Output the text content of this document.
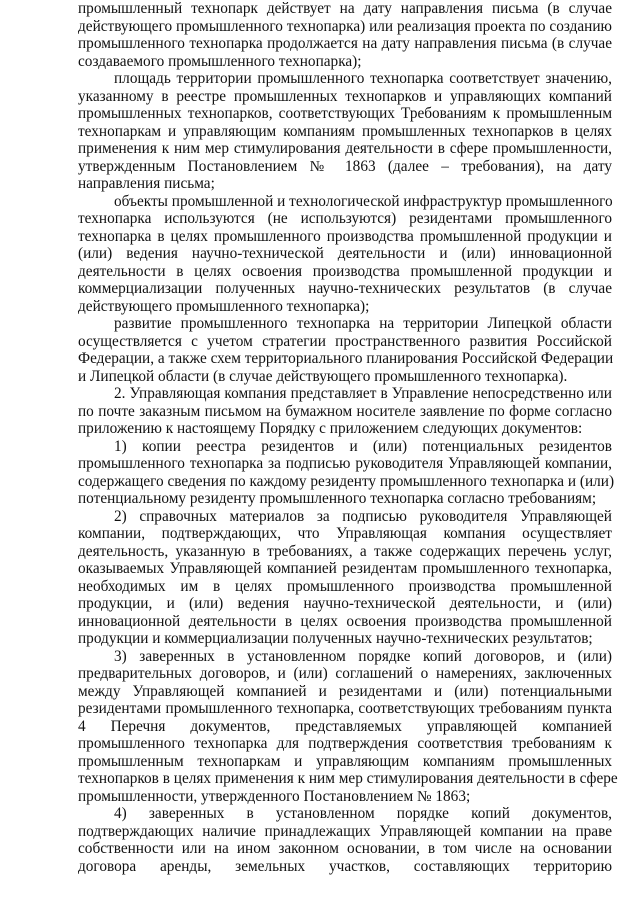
промышленный технопарк действует на дату направления письма (в случае
действующего промышленного технопарка) или реализация проекта по созданию
промышленного технопарка продолжается на дату направления письма (в случае
создаваемого промышленного технопарка);
площадь территории промышленного технопарка соответствует значению,
указанному в реестре промышленных технопарков и управляющих компаний
промышленных технопарков, соответствующих Требованиям к промышленным
технопаркам и управляющим компаниям промышленных технопарков в целях
применения к ним мер стимулирования деятельности в сфере промышленности,
утвержденным Постановлением № 1863 (далее – требования), на дату
направления письма;
объекты промышленной и технологической инфраструктур промышленного
технопарка используются (не используются) резидентами промышленного
технопарка в целях промышленного производства промышленной продукции и
(или) ведения научно-технической деятельности и (или) инновационной
деятельности в целях освоения производства промышленной продукции и
коммерциализации полученных научно-технических результатов (в случае
действующего промышленного технопарка);
развитие промышленного технопарка на территории Липецкой области
осуществляется с учетом стратегии пространственного развития Российской
Федерации, а также схем территориального планирования Российской Федерации
и Липецкой области (в случае действующего промышленного технопарка).
2. Управляющая компания представляет в Управление непосредственно или
по почте заказным письмом на бумажном носителе заявление по форме согласно
приложению к настоящему Порядку с приложением следующих документов:
1) копии реестра резидентов и (или) потенциальных резидентов
промышленного технопарка за подписью руководителя Управляющей компании,
содержащего сведения по каждому резиденту промышленного технопарка и (или)
потенциальному резиденту промышленного технопарка согласно требованиям;
2) справочных материалов за подписью руководителя Управляющей
компании, подтверждающих, что Управляющая компания осуществляет
деятельность, указанную в требованиях, а также содержащих перечень услуг,
оказываемых Управляющей компанией резидентам промышленного технопарка,
необходимых им в целях промышленного производства промышленной
продукции, и (или) ведения научно-технической деятельности, и (или)
инновационной деятельности в целях освоения производства промышленной
продукции и коммерциализации полученных научно-технических результатов;
3) заверенных в установленном порядке копий договоров, и (или)
предварительных договоров, и (или) соглашений о намерениях, заключенных
между Управляющей компанией и резидентами и (или) потенциальными
резидентами промышленного технопарка, соответствующих требованиям пункта
4 Перечня документов, представляемых управляющей компанией
промышленного технопарка для подтверждения соответствия требованиям к
промышленным технопаркам и управляющим компаниям промышленных
технопарков в целях применения к ним мер стимулирования деятельности в сфере
промышленности, утвержденного Постановлением № 1863;
4) заверенных в установленном порядке копий документов,
подтверждающих наличие принадлежащих Управляющей компании на праве
собственности или на ином законном основании, в том числе на основании
договора аренды, земельных участков, составляющих территорию
